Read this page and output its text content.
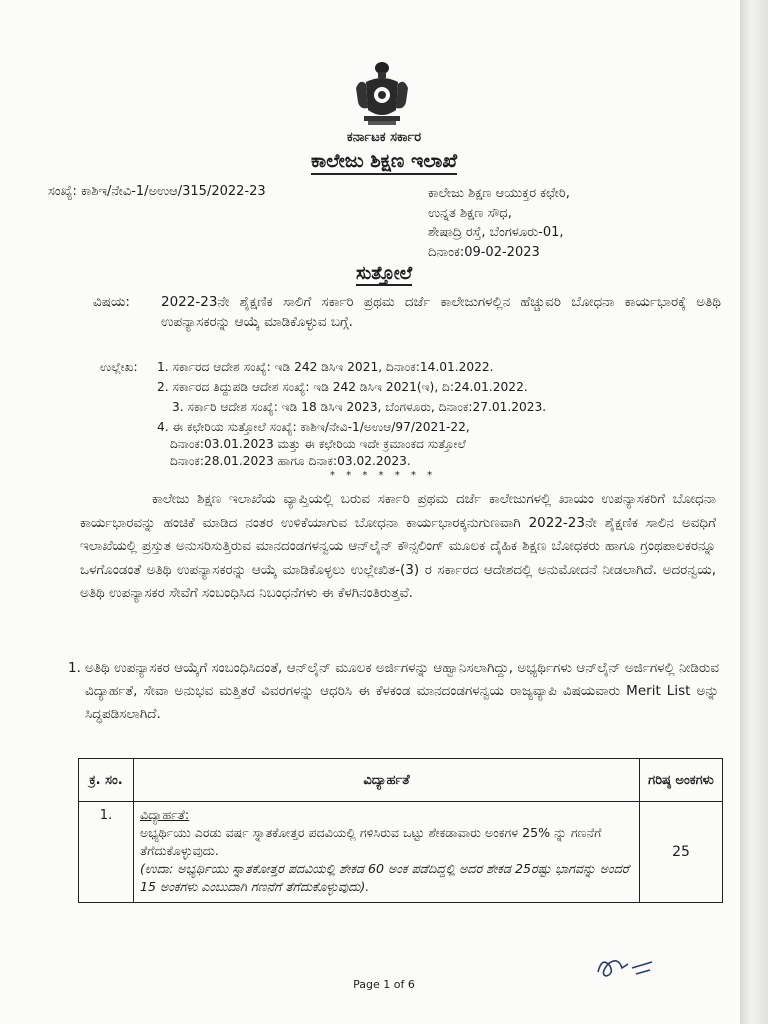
ಕರ್ನಾಟಕ ಸರ್ಕಾರ
ಕಾಲೇಜು ಶಿಕ್ಷಣ ಇಲಾಖೆ
ಸಂಖ್ಯೆ: ಕಾಶಿಇ/ನೇವಿ-1/ಅಉಆ/315/2022-23	ಕಾಲೇಜು ಶಿಕ್ಷಣ ಆಯುಕ್ತರ ಕಛೇರಿ,
ಉನ್ನತ ಶಿಕ್ಷಣ ಸೌಧ,
ಶೇಷಾದ್ರಿ ರಸ್ತೆ, ಬೆಂಗಳೂರು-01,
ದಿನಾಂಕ:09-02-2023
ಸುತ್ತೋಲೆ
ವಿಷಯ: 2022-23ನೇ ಶೈಕ್ಷಣಿಕ ಸಾಲಿಗೆ ಸರ್ಕಾರಿ ಪ್ರಥಮ ದರ್ಜೆ ಕಾಲೇಜುಗಳಲ್ಲಿನ ಹೆಚ್ಚುವರಿ ಬೋಧನಾ ಕಾರ್ಯಭಾರಕ್ಕೆ ಅತಿಥಿ ಉಪನ್ಯಾಸಕರನ್ನು ಆಯ್ಕೆ ಮಾಡಿಕೊಳ್ಳುವ ಬಗ್ಗೆ.
ಉಲ್ಲೇಖ: 1. ಸರ್ಕಾರದ ಆದೇಶ ಸಂಖ್ಯೆ: ಇಡಿ 242 ಡಿಸಿಇ 2021, ದಿನಾಂಕ:14.01.2022.
2. ಸರ್ಕಾರದ ತಿದ್ದುಪಡಿ ಆದೇಶ ಸಂಖ್ಯೆ: ಇಡಿ 242 ಡಿಸಿಇ 2021(ಇ), ದಿ:24.01.2022.
3. ಸರ್ಕಾರಿ ಆದೇಶ ಸಂಖ್ಯೆ: ಇಡಿ 18 ಡಿಸಿಇ 2023, ಬೆಂಗಳೂರು, ದಿನಾಂಕ:27.01.2023.
4. ಈ ಕಛೇರಿಯ ಸುತ್ತೋಲೆ ಸಂಖ್ಯೆ: ಕಾಶಿಇ/ನೇವಿ-1/ಅಉಆ/97/2021-22,
ದಿನಾಂಕ:03.01.2023 ಮತ್ತು ಈ ಕಛೇರಿಯ ಇದೇ ಕ್ರಮಾಂಕದ ಸುತ್ತೋಲೆ
ದಿನಾಂಕ:28.01.2023 ಹಾಗೂ ದಿನಾಕ:03.02.2023.
* * * * * * *
ಕಾಲೇಜು ಶಿಕ್ಷಣ ಇಲಾಖೆಯ ವ್ಯಾಪ್ತಿಯಲ್ಲಿ ಬರುವ ಸರ್ಕಾರಿ ಪ್ರಥಮ ದರ್ಜೆ ಕಾಲೇಜುಗಳಲ್ಲಿ ಖಾಯಂ ಉಪನ್ಯಾಸಕರಿಗೆ ಬೋಧನಾ ಕಾರ್ಯಭಾರವನ್ನು ಹಂಚಿಕೆ ಮಾಡಿದ ನಂತರ ಉಳಿಕೆಯಾಗುವ ಬೋಧನಾ ಕಾರ್ಯಭಾರಕ್ಕನುಗುಣವಾಗಿ 2022-23ನೇ ಶೈಕ್ಷಣಿಕ ಸಾಲಿನ ಅವಧಿಗೆ ಇಲಾಖೆಯಲ್ಲಿ ಪ್ರಸ್ತುತ ಅನುಸರಿಸುತ್ತಿರುವ ಮಾನದಂಡಗಳನ್ವಯ ಆನ್‌ಲೈನ್ ಕೌನ್ಸಲಿಂಗ್ ಮೂಲಕ ದೈಹಿಕ ಶಿಕ್ಷಣ ಬೋಧಕರು ಹಾಗೂ ಗ್ರಂಥಪಾಲಕರನ್ನೂ ಒಳಗೊಂಡಂತೆ ಅತಿಥಿ ಉಪನ್ಯಾಸಕರನ್ನು ಆಯ್ಕೆ ಮಾಡಿಕೊಳ್ಳಲು ಉಲ್ಲೇಖಿತ-(3) ರ ಸರ್ಕಾರದ ಆದೇಶದಲ್ಲಿ ಅನುಮೋದನೆ ನೀಡಲಾಗಿದೆ. ಅದರನ್ವಯ, ಅತಿಥಿ ಉಪನ್ಯಾಸಕರ ಸೇವೆಗೆ ಸಂಬಂಧಿಸಿದ ನಿಬಂಧನೆಗಳು ಈ ಕೆಳಗಿನಂತಿರುತ್ತವೆ.
1. ಅತಿಥಿ ಉಪನ್ಯಾಸಕರ ಆಯ್ಕೆಗೆ ಸಂಬಂಧಿಸಿದಂತೆ, ಆನ್‌ಲೈನ್ ಮೂಲಕ ಅರ್ಜಿಗಳನ್ನು ಆಹ್ವಾನಿಸಲಾಗಿದ್ದು, ಅಭ್ಯರ್ಥಿಗಳು ಆನ್‌ಲೈನ್ ಅರ್ಜಿಗಳಲ್ಲಿ ನೀಡಿರುವ ವಿದ್ಯಾರ್ಹತೆ, ಸೇವಾ ಅನುಭವ ಮತ್ತಿತರೆ ವಿವರಗಳನ್ನು ಆಧರಿಸಿ ಈ ಕೆಳಕಂಡ ಮಾನದಂಡಗಳನ್ವಯ ರಾಜ್ಯವ್ಯಾಪಿ ವಿಷಯವಾರು Merit List ಅನ್ನು ಸಿದ್ಧಪಡಿಸಲಾಗಿದೆ.
ಕ್ರ. ಸಂ.	ವಿದ್ಯಾರ್ಹತೆ	ಗರಿಷ್ಠ ಅಂಕಗಳು
1.	ವಿದ್ಯಾರ್ಹತೆ:
ಅಭ್ಯರ್ಥಿಯು ಎರಡು ವರ್ಷ ಸ್ನಾತಕೋತ್ತರ ಪದವಿಯಲ್ಲಿ ಗಳಿಸಿರುವ ಒಟ್ಟು ಶೇಕಡಾವಾರು ಅಂಕಗಳ 25% ನ್ನು ಗಣನೆಗೆ ತೆಗೆದುಕೊಳ್ಳುವುದು.
(ಉದಾ: ಅಭ್ಯರ್ಥಿಯು ಸ್ನಾತಕೋತ್ತರ ಪದವಿಯಲ್ಲಿ ಶೇಕಡ 60 ಅಂಕ ಪಡೆದಿದ್ದಲ್ಲಿ ಅದರ ಶೇಕಡ 25ರಷ್ಟು ಭಾಗವನ್ನು ಅಂದರೆ 15 ಅಂಕಗಳು ಎಂಬುದಾಗಿ ಗಣನೆಗೆ ತೆಗೆದುಕೊಳ್ಳುವುದು).	25
Page 1 of 6
